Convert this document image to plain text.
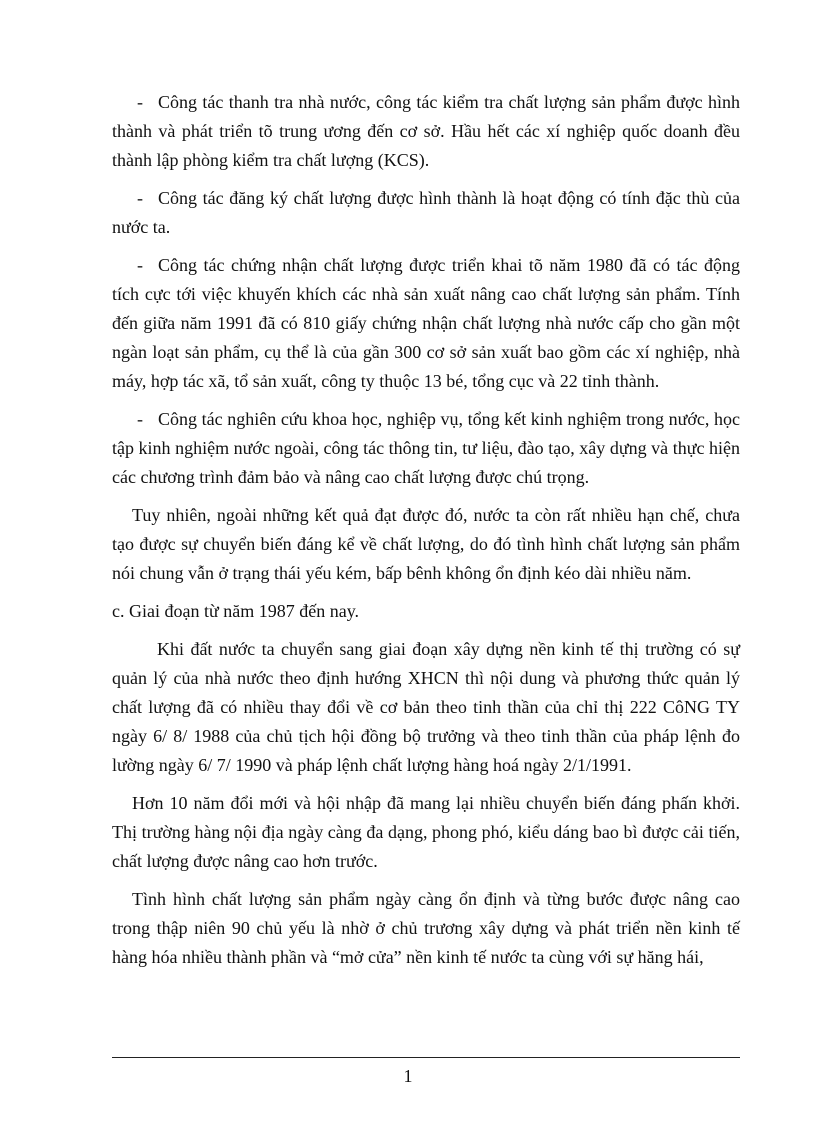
- Công tác thanh tra nhà nước, công tác kiểm tra chất lượng sản phẩm được hình thành và phát triển tõ trung ương đến cơ sở. Hầu hết các xí nghiệp quốc doanh đều thành lập phòng kiểm tra chất lượng (KCS).

- Công tác đăng ký chất lượng được hình thành là hoạt động có tính đặc thù của nước ta.

- Công tác chứng nhận chất lượng được triển khai tõ năm 1980 đã có tác động tích cực tới việc khuyến khích các nhà sản xuất nâng cao chất lượng sản phẩm. Tính đến giữa năm 1991 đã có 810 giấy chứng nhận chất lượng nhà nước cấp cho gần một ngàn loạt sản phẩm, cụ thể là của gần 300 cơ sở sản xuất bao gồm các xí nghiệp, nhà máy, hợp tác xã, tổ sản xuất, công ty thuộc 13 bé, tổng cục và 22 tỉnh thành.

- Công tác nghiên cứu khoa học, nghiệp vụ, tổng kết kinh nghiệm trong nước, học tập kinh nghiệm nước ngoài, công tác thông tin, tư liệu, đào tạo, xây dựng và thực hiện các chương trình đảm bảo và nâng cao chất lượng được chú trọng.

Tuy nhiên, ngoài những kết quả đạt được đó, nước ta còn rất nhiều hạn chế, chưa tạo được sự chuyển biến đáng kể về chất lượng, do đó tình hình chất lượng sản phẩm nói chung vẫn ở trạng thái yếu kém, bấp bênh không ổn định kéo dài nhiều năm.

c. Giai đoạn từ năm 1987 đến nay.

Khi đất nước ta chuyển sang giai đoạn xây dựng nền kinh tế thị trường có sự quản lý của nhà nước theo định hướng XHCN thì nội dung và phương thức quản lý chất lượng đã có nhiều thay đổi về cơ bản theo tinh thần của chỉ thị 222 CôNG TY ngày 6/ 8/ 1988 của chủ tịch hội đồng bộ trưởng và theo tinh thần của pháp lệnh đo lường ngày 6/ 7/ 1990 và pháp lệnh chất lượng hàng hoá ngày 2/1/1991.

Hơn 10 năm đổi mới và hội nhập đã mang lại nhiều chuyển biến đáng phấn khởi. Thị trường hàng nội địa ngày càng đa dạng, phong phó, kiểu dáng bao bì được cải tiến, chất lượng được nâng cao hơn trước.

Tình hình chất lượng sản phẩm ngày càng ổn định và từng bước được nâng cao trong thập niên 90 chủ yếu là nhờ ở chủ trương xây dựng và phát triển nền kinh tế hàng hóa nhiều thành phần và “mở cửa” nền kinh tế nước ta cùng với sự hăng hái,

1
